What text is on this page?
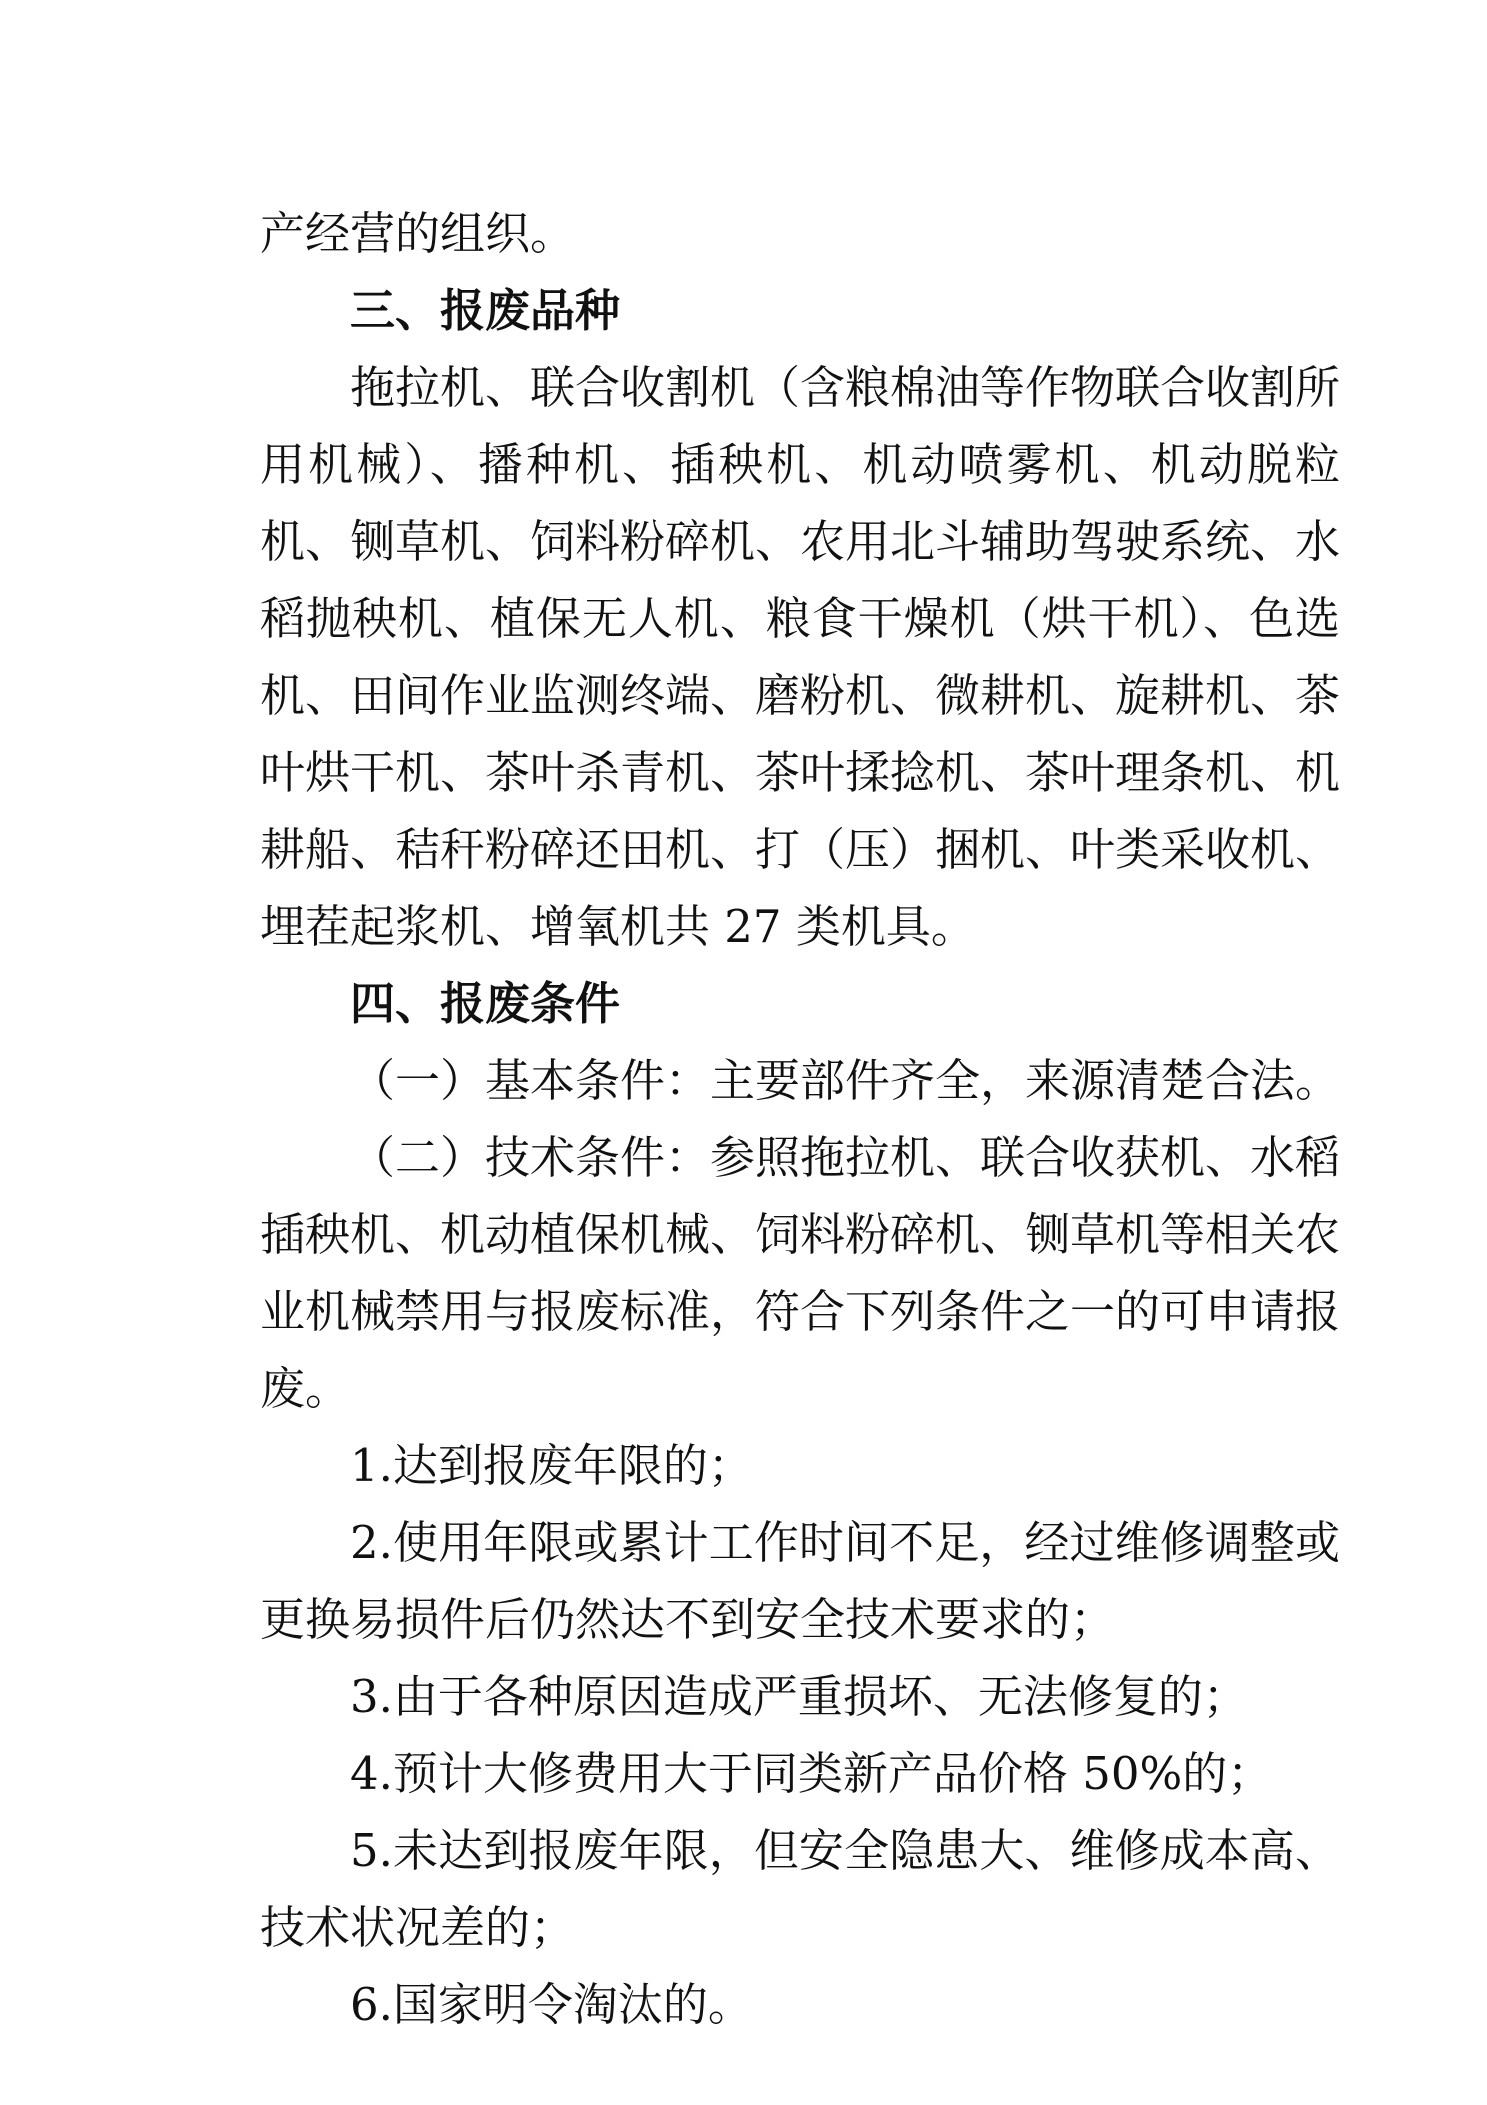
产经营的组织。

三、报废品种

拖拉机、联合收割机（含粮棉油等作物联合收割所用机械）、播种机、插秧机、机动喷雾机、机动脱粒机、铡草机、饲料粉碎机、农用北斗辅助驾驶系统、水稻抛秧机、植保无人机、粮食干燥机（烘干机）、色选机、田间作业监测终端、磨粉机、微耕机、旋耕机、茶叶烘干机、茶叶杀青机、茶叶揉捻机、茶叶理条机、机耕船、秸秆粉碎还田机、打（压）捆机、叶类采收机、埋茬起浆机、增氧机共 27 类机具。

四、报废条件

（一）基本条件：主要部件齐全，来源清楚合法。

（二）技术条件：参照拖拉机、联合收获机、水稻插秧机、机动植保机械、饲料粉碎机、铡草机等相关农业机械禁用与报废标准，符合下列条件之一的可申请报废。

1.达到报废年限的；

2.使用年限或累计工作时间不足，经过维修调整或更换易损件后仍然达不到安全技术要求的；

3.由于各种原因造成严重损坏、无法修复的；

4.预计大修费用大于同类新产品价格 50%的；

5.未达到报废年限，但安全隐患大、维修成本高、技术状况差的；

6.国家明令淘汰的。
